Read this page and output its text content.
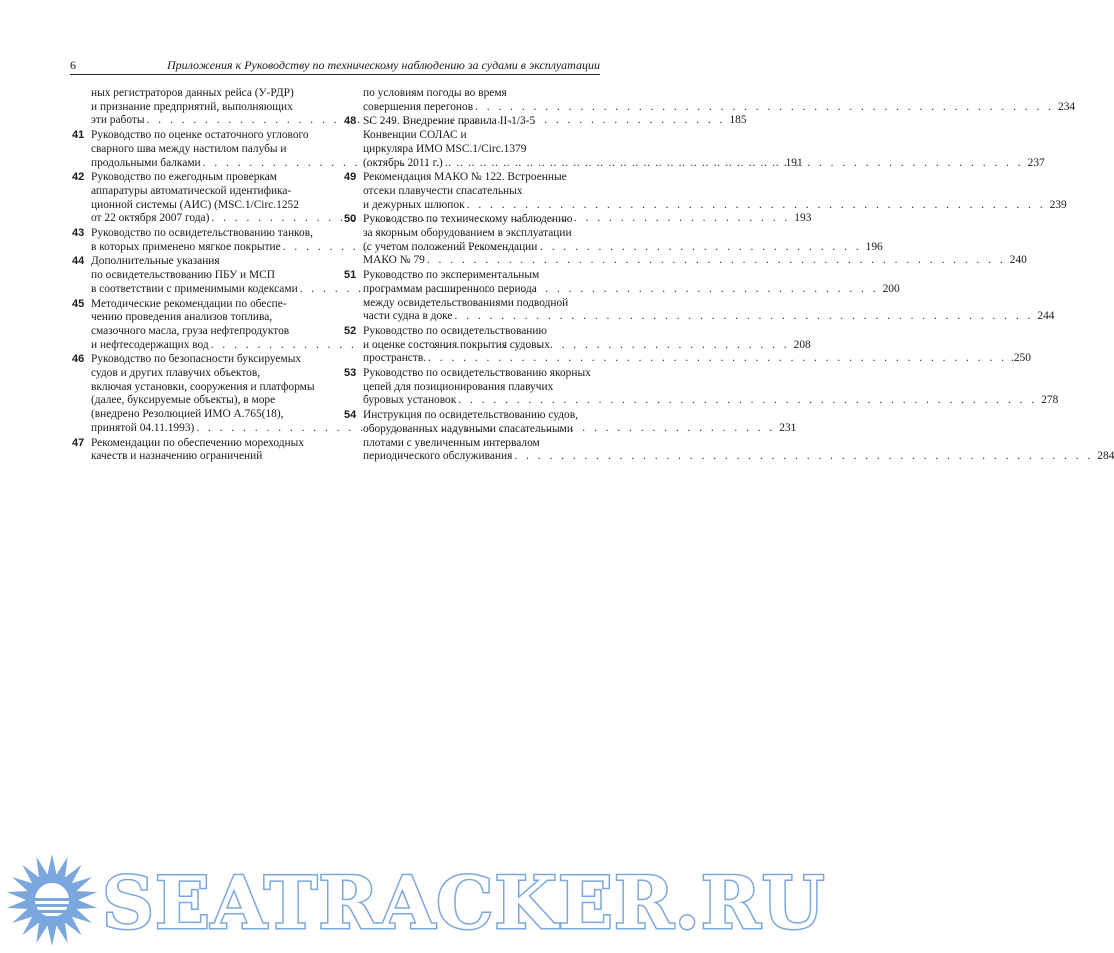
6	Приложения к Руководству по техническому наблюдению за судами в эксплуатации
ных регистраторов данных рейса (У-РДР)
и признание предприятий, выполняющих
эти работы . . .	185
41 Руководство по оценке остаточного углового
сварного шва между настилом палубы и
продольными балками . . .	191
42 Руководство по ежегодным проверкам
аппаратуры автоматической идентифика-
ционной системы (АИС) (MSC.1/Circ.1252
от 22 октября 2007 года) . . .	193
43 Руководство по освидетельствованию танков,
в которых применено мягкое покрытие . . .	196
44 Дополнительные указания
по освидетельствованию ПБУ и МСП
в соответствии с применимыми кодексами . . .	200
45 Методические рекомендации по обеспе-
чению проведения анализов топлива,
смазочного масла, груза нефтепродуктов
и нефтесодержащих вод . . .	208
46 Руководство по безопасности буксируемых
судов и других плавучих объектов,
включая установки, сооружения и платформы
(далее, буксируемые объекты), в море
(внедрено Резолюцией ИМО A.765(18),
принятой 04.11.1993) . . .	231
47 Рекомендации по обеспечению мореходных
качеств и назначению ограничений
по условиям погоды во время
совершения перегонов . . .	234
48 SC 249. Внедрение правила II-1/3-5
Конвенции СОЛАС и
циркуляра ИМО MSC.1/Circ.1379
(октябрь 2011 г.) . . .	237
49 Рекомендация МАКО № 122. Встроенные
отсеки плавучести спасательных
и дежурных шлюпок . . .	239
50 Руководство по техническому наблюдению
за якорным оборудованием в эксплуатации
(с учетом положений Рекомендации
МАКО № 79 . . .	240
51 Руководство по экспериментальным
программам расширенного периода
между освидетельствованиями подводной
части судна в доке . . .	244
52 Руководство по освидетельствованию
и оценке состояния покрытия судовых
пространств. . . .	.250
53 Руководство по освидетельствованию якорных
цепей для позиционирования плавучих
буровых установок . . .	278
54 Инструкция по освидетельствованию судов,
оборудованных надувными спасательными
плотами с увеличенным интервалом
периодического обслуживания . . .	284
SEATRACKER.RU
